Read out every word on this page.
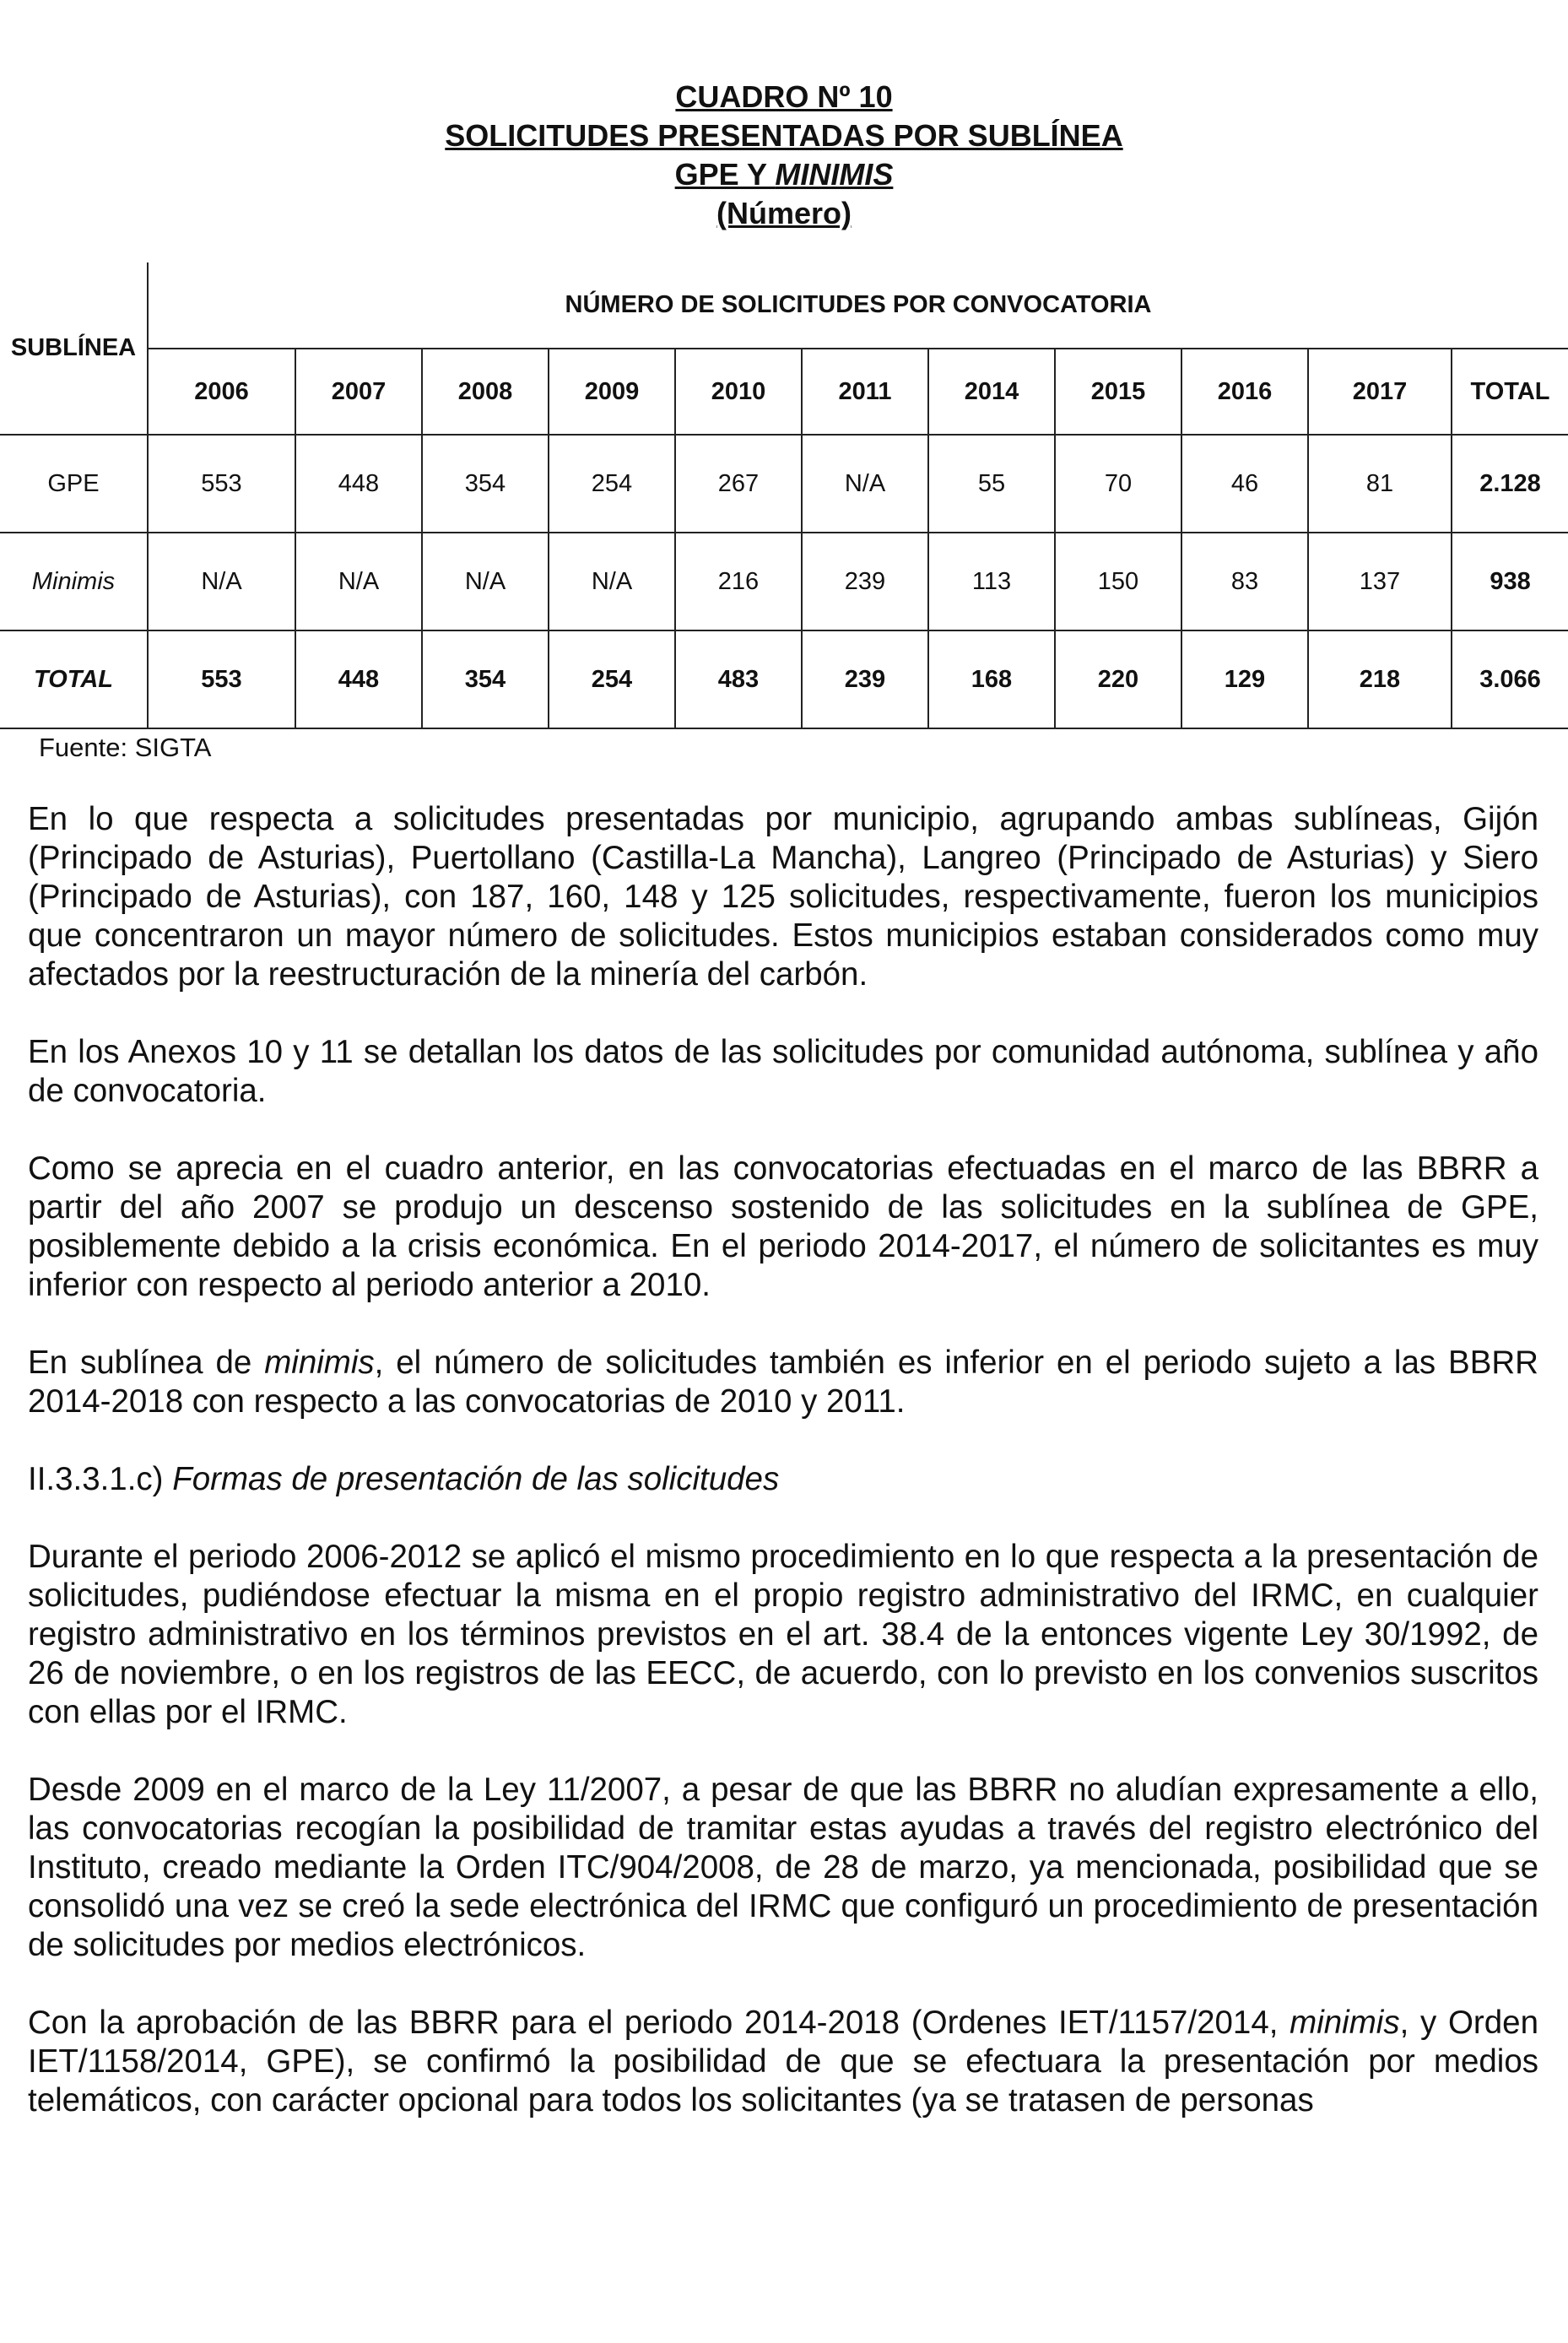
CUADRO Nº 10
SOLICITUDES PRESENTADAS POR SUBLÍNEA
GPE Y MINIMIS
(Número)
SUBLÍNEA	NÚMERO DE SOLICITUDES POR CONVOCATORIA										
	2006	2007	2008	2009	2010	2011	2014	2015	2016	2017	TOTAL
GPE	553	448	354	254	267	N/A	55	70	46	81	2.128
Minimis	N/A	N/A	N/A	N/A	216	239	113	150	83	137	938
TOTAL	553	448	354	254	483	239	168	220	129	218	3.066
Fuente: SIGTA

En lo que respecta a solicitudes presentadas por municipio, agrupando ambas sublíneas, Gijón (Principado de Asturias), Puertollano (Castilla-La Mancha), Langreo (Principado de Asturias) y Siero (Principado de Asturias), con 187, 160, 148 y 125 solicitudes, respectivamente, fueron los municipios que concentraron un mayor número de solicitudes. Estos municipios estaban considerados como muy afectados por la reestructuración de la minería del carbón.

En los Anexos 10 y 11 se detallan los datos de las solicitudes por comunidad autónoma, sublínea y año de convocatoria.

Como se aprecia en el cuadro anterior, en las convocatorias efectuadas en el marco de las BBRR a partir del año 2007 se produjo un descenso sostenido de las solicitudes en la sublínea de GPE, posiblemente debido a la crisis económica. En el periodo 2014-2017, el número de solicitantes es muy inferior con respecto al periodo anterior a 2010.

En sublínea de minimis, el número de solicitudes también es inferior en el periodo sujeto a las BBRR 2014-2018 con respecto a las convocatorias de 2010 y 2011.

II.3.3.1.c) Formas de presentación de las solicitudes

Durante el periodo 2006-2012 se aplicó el mismo procedimiento en lo que respecta a la presentación de solicitudes, pudiéndose efectuar la misma en el propio registro administrativo del IRMC, en cualquier registro administrativo en los términos previstos en el art. 38.4 de la entonces vigente Ley 30/1992, de 26 de noviembre, o en los registros de las EECC, de acuerdo, con lo previsto en los convenios suscritos con ellas por el IRMC.

Desde 2009 en el marco de la Ley 11/2007, a pesar de que las BBRR no aludían expresamente a ello, las convocatorias recogían la posibilidad de tramitar estas ayudas a través del registro electrónico del Instituto, creado mediante la Orden ITC/904/2008, de 28 de marzo, ya mencionada, posibilidad que se consolidó una vez se creó la sede electrónica del IRMC que configuró un procedimiento de presentación de solicitudes por medios electrónicos.

Con la aprobación de las BBRR para el periodo 2014-2018 (Ordenes IET/1157/2014, minimis, y Orden IET/1158/2014, GPE), se confirmó la posibilidad de que se efectuara la presentación por medios telemáticos, con carácter opcional para todos los solicitantes (ya se tratasen de personas
